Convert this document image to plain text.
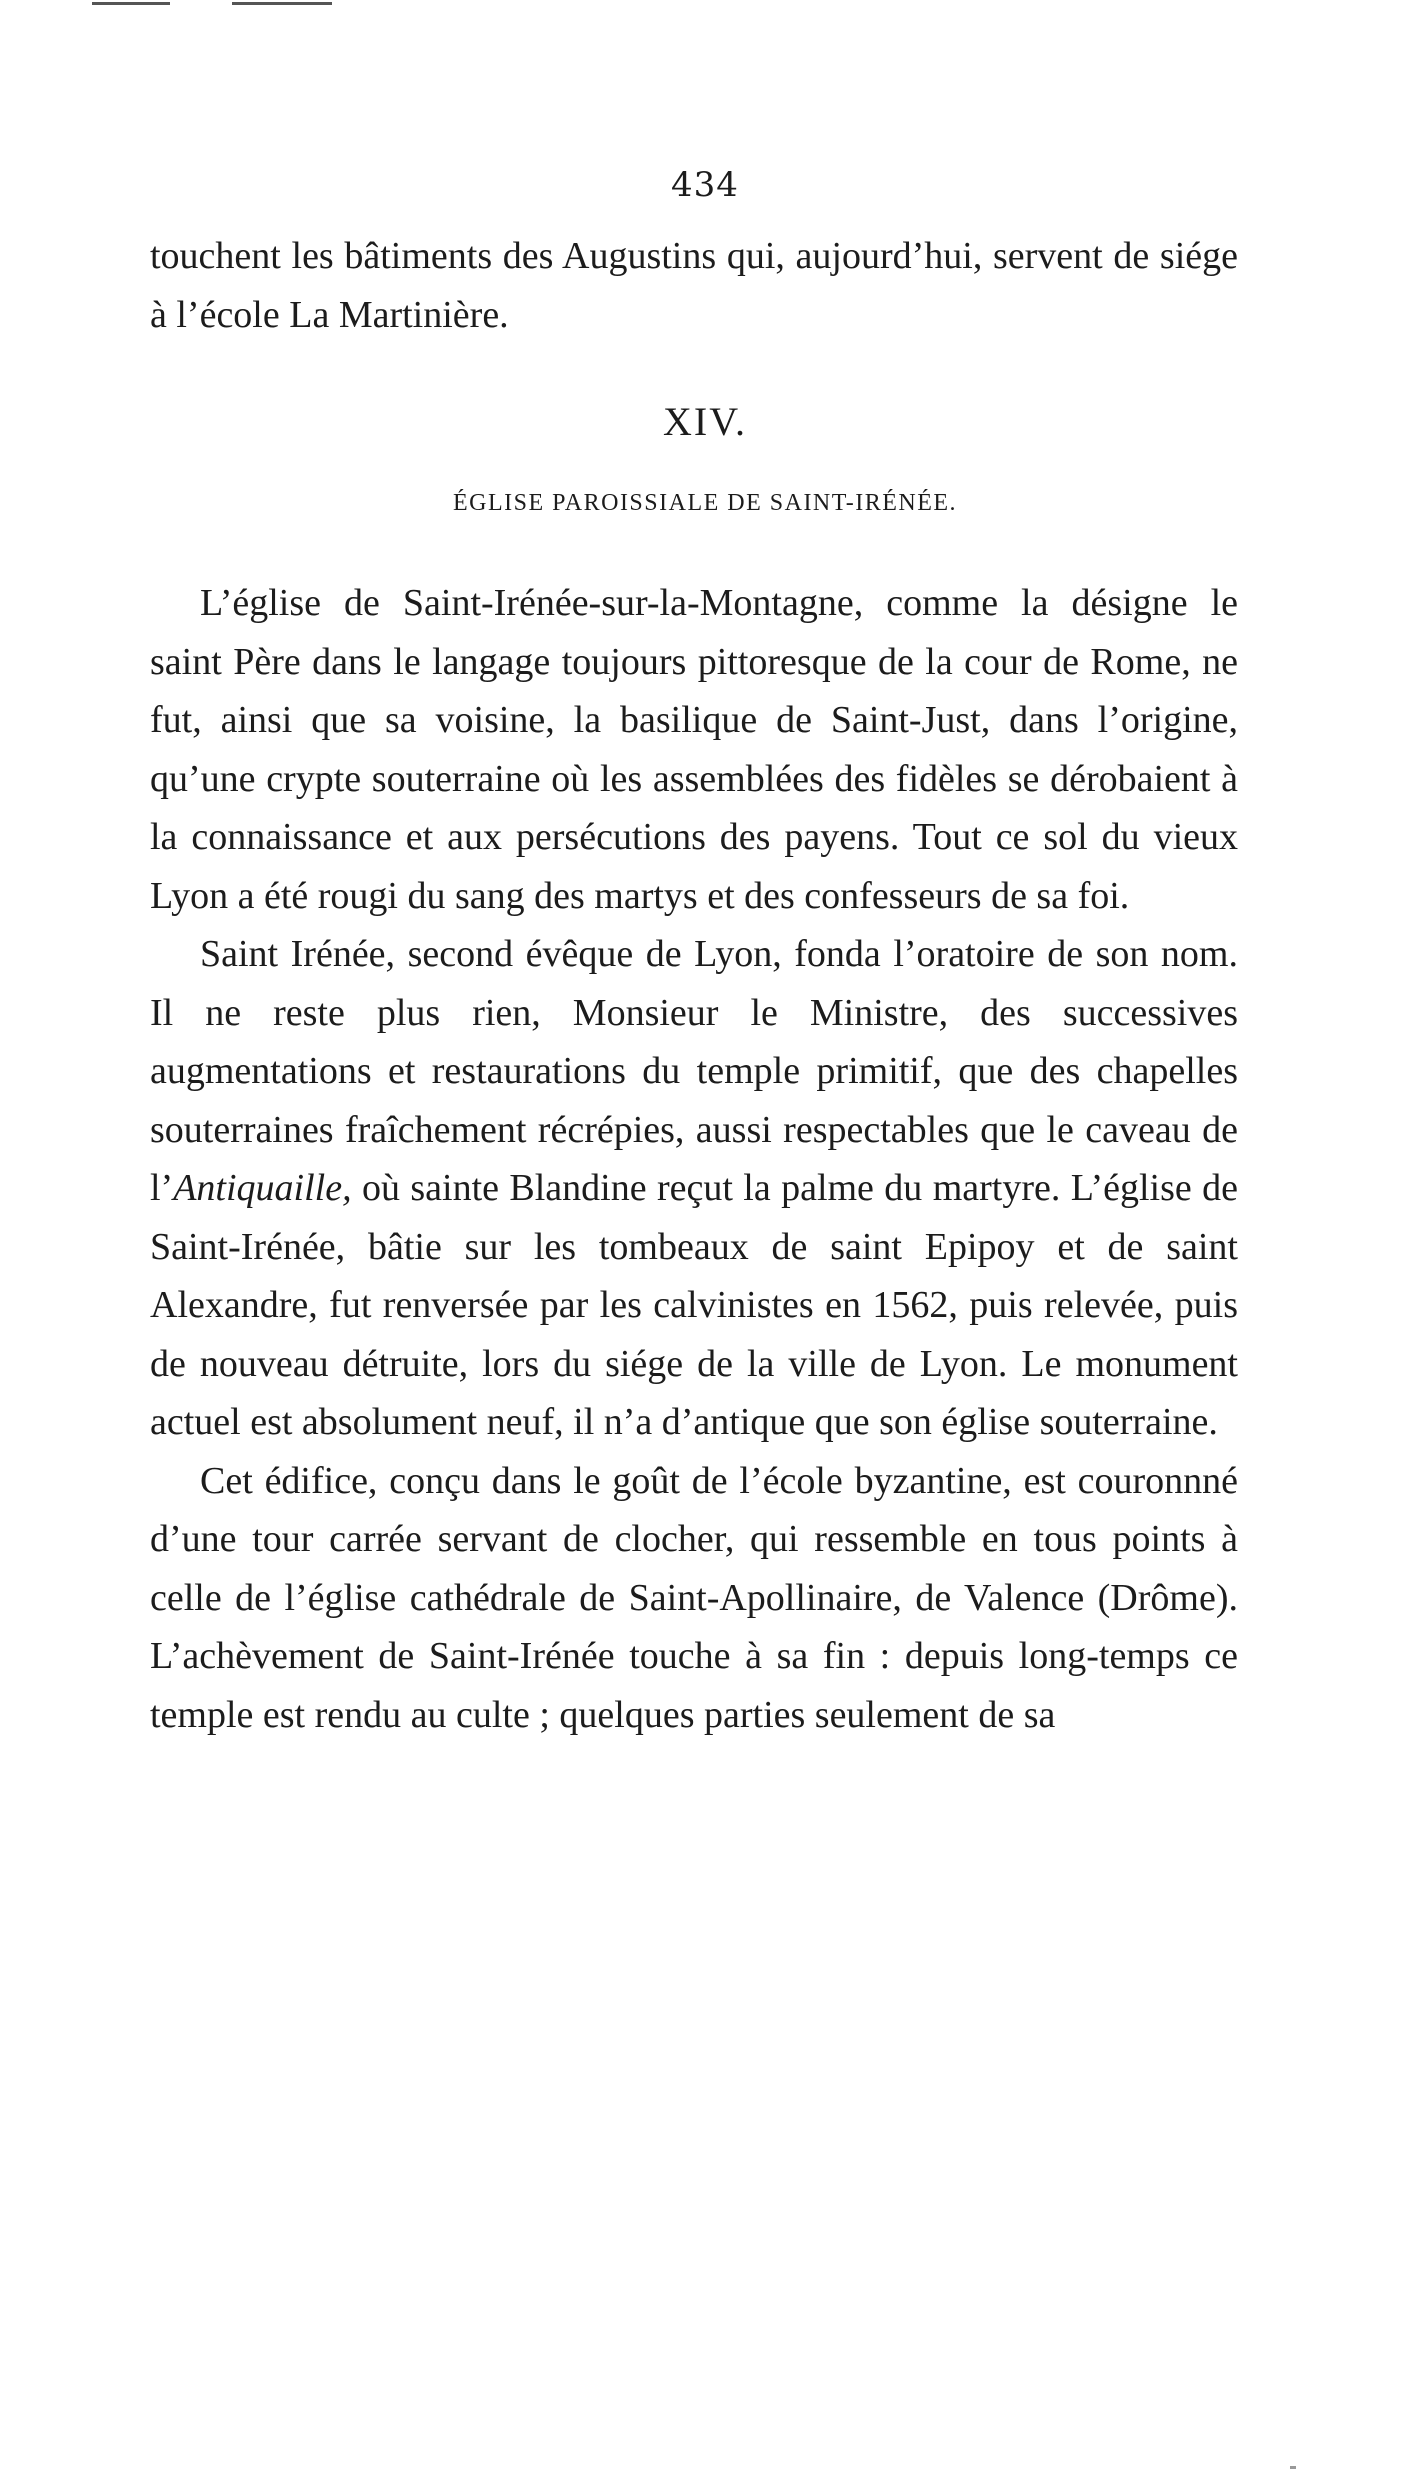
434

touchent les bâtiments des Augustins qui, aujourd’hui, servent de siége à l’école La Martinière.

XIV.
ÉGLISE PAROISSIALE DE SAINT-IRÉNÉE.

L’église de Saint-Irénée-sur-la-Montagne, comme la désigne le saint Père dans le langage toujours pittoresque de la cour de Rome, ne fut, ainsi que sa voisine, la basilique de Saint-Just, dans l’origine, qu’une crypte souterraine où les assemblées des fidèles se dérobaient à la connaissance et aux persécutions des payens. Tout ce sol du vieux Lyon a été rougi du sang des martys et des confesseurs de sa foi.

Saint Irénée, second évêque de Lyon, fonda l’oratoire de son nom. Il ne reste plus rien, Monsieur le Ministre, des successives augmentations et restaurations du temple primitif, que des chapelles souterraines fraîchement récrépies, aussi respectables que le caveau de l’Antiquaille, où sainte Blandine reçut la palme du martyre. L’église de Saint-Irénée, bâtie sur les tombeaux de saint Epipoy et de saint Alexandre, fut renversée par les calvinistes en 1562, puis relevée, puis de nouveau détruite, lors du siége de la ville de Lyon. Le monument actuel est absolument neuf, il n’a d’antique que son église souterraine.

Cet édifice, conçu dans le goût de l’école byzantine, est couronnné d’une tour carrée servant de clocher, qui ressemble en tous points à celle de l’église cathédrale de Saint-Apollinaire, de Valence (Drôme). L’achèvement de Saint-Irénée touche à sa fin : depuis long-temps ce temple est rendu au culte ; quelques parties seulement de sa
